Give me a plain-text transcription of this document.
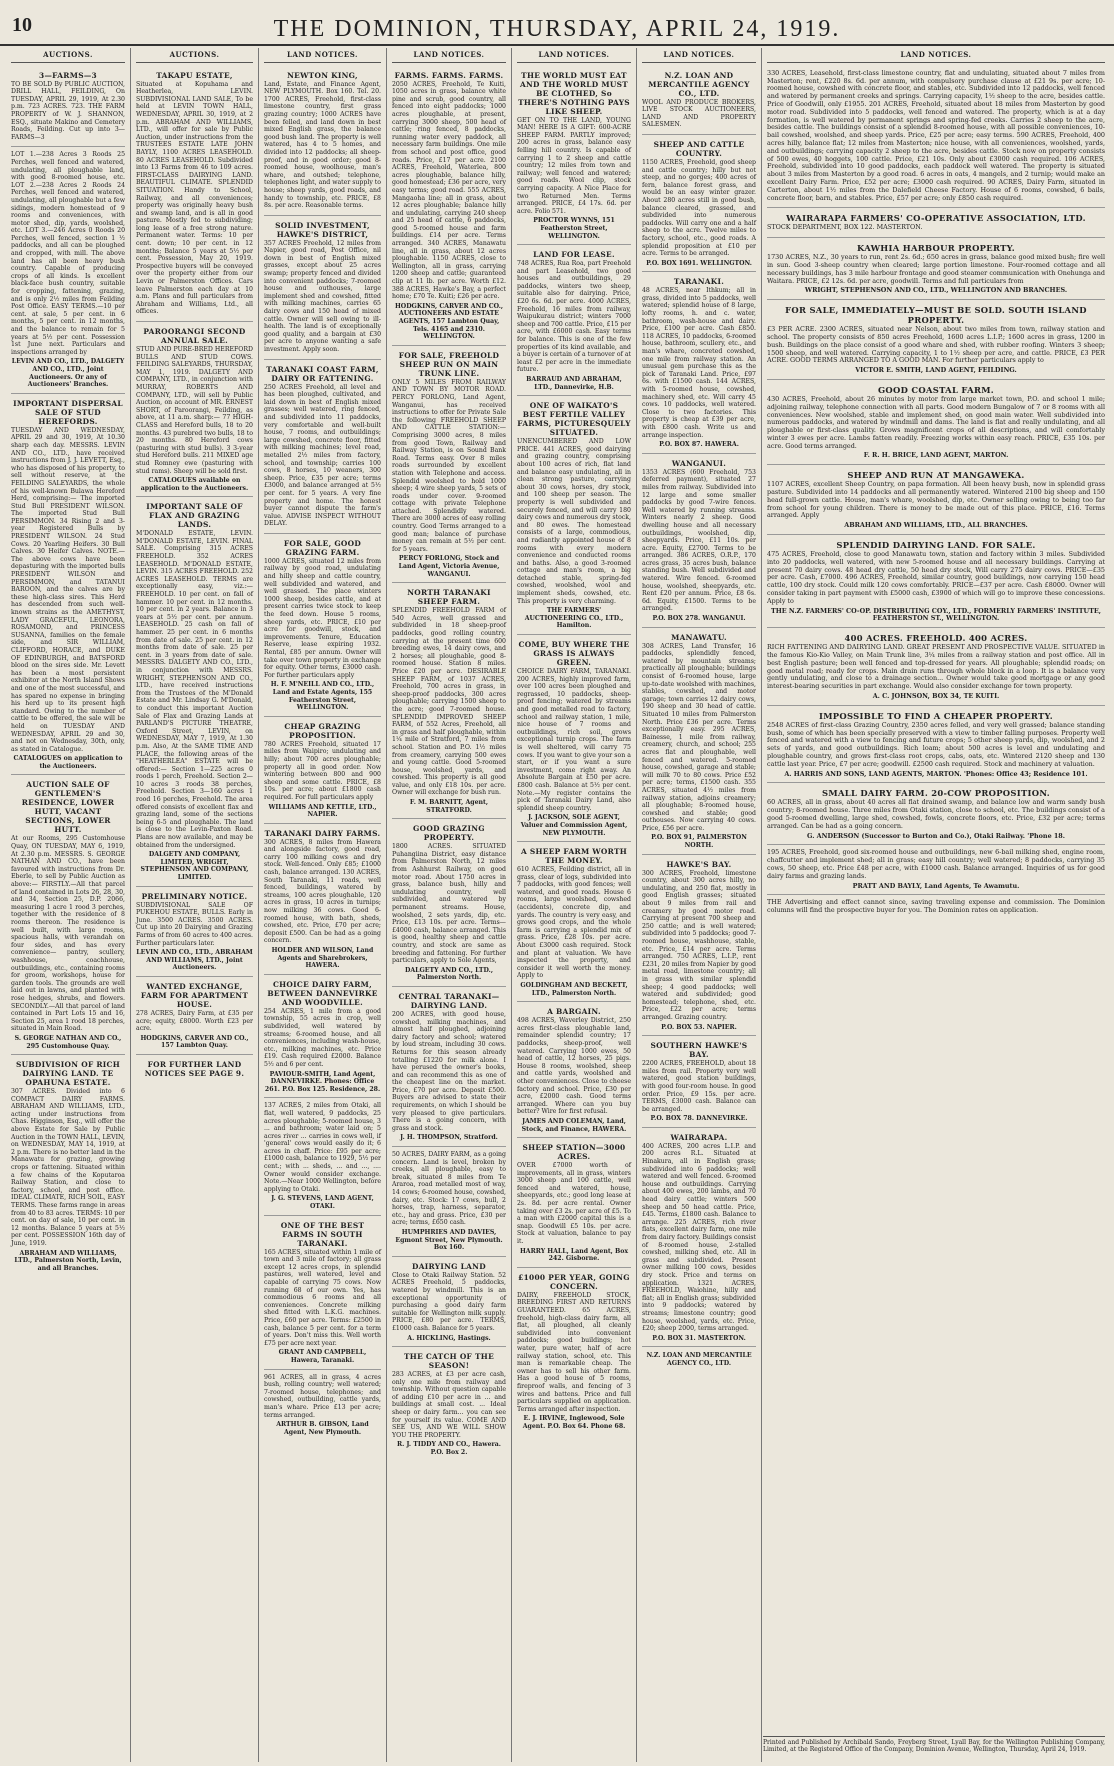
10	THE DOMINION, THURSDAY, APRIL 24, 1919.
AUCTIONS.
3—FARMS—3

TO BE SOLD By PUBLIC AUCTION, DRILL HALL, FEILDING, On TUESDAY, APRIL 29, 1919, At 2.30 p.m. 723 ACRES. 723. THE FARM PROPERTY of W. J. SHANNON, ESQ., situate Makino and Cemetery Roads, Feilding. Cut up into 3—FARMS—3

LOT 1.—238 Acres 3 Roods 25 Perches, well fenced and watered, undulating, all ploughable land, with good 8-roomed house, etc. LOT 2.—238 Acres 2 Roods 24 Perches, well fenced and watered, undulating, all ploughable but a few sidings, modern homestead of 9 rooms and conveniences, with motor shed, dip, yards, woolshed, etc. LOT 3.—246 Acres 0 Roods 20 Perches, well fenced, section 1 ½ paddocks, and all can be ploughed and cropped, with mill. The above land has all been heavy bush country. Capable of producing crops of all kinds. Is excellent black-face bush country, suitable for cropping, fattening, grazing, and is only 2½ miles from Feilding Post Office. EASY TERMS.—10 per cent. at sale, 5 per cent. in 6 months, 5 per cent. in 12 months, and the balance to remain for 5 years at 5½ per cent. Possession 1st June next. Particulars and inspections arranged by

LEVIN AND CO., LTD., DALGETY AND CO., LTD., Joint Auctioneers. Or any of Auctioneers' Branches.
IMPORTANT DISPERSAL SALE OF STUD HEREFORDS.

TUESDAY AND WEDNESDAY, APRIL 29 and 30, 1919, At 10.30 sharp each day. MESSRS. LEVIN AND CO., LTD., have received instructions from J. J. LEVETT, Esq., who has disposed of his property, to sell without reserve, at the FEILDING SALEYARDS, the whole of his well-known Bulawa Hereford Herd, comprising:— The imported Stud Bull PRESIDENT WILSON. The imported Stud Bull PERSIMMON. 34 Rising 2 and 3-year Registered Bulls by PRESIDENT WILSON. 24 Stud Cows. 20 Yearling Heifers. 30 Bull Calves. 30 Heifer Calves. NOTE.—The above cows have been depasturing with the imported bulls PRESIDENT WILSON and PERSIMMON, and TATANUI BAROON, and the calves are by these high-class sires. This Herd has descended from such well-known strains as the AMETHYST, LADY GRACEFUL, LEONORA, ROSAMOND, and PRINCESS SUSANNA, families on the female side, and SIR WILLIAM, CLIFFORD, HORACE, and DUKE OF EDINBURGH, and BATSFORD blood on the sires side. Mr. Levett has been a most persistent exhibitor at the North Island Shows and one of the most successful, and has spared no expense in bringing his herd up to its present high standard. Owing to the number of cattle to be offered, the sale will be held on TUESDAY AND WEDNESDAY, APRIL 29 and 30, and not on Wednesday, 30th, only, as stated in Catalogue.

CATALOGUES on application to the Auctioneers.
AUCTION SALE OF GENTLEMEN'S RESIDENCE, LOWER HUTT, VACANT SECTIONS, LOWER HUTT.

At our Rooms, 295 Customhouse Quay, ON TUESDAY, MAY 6, 1919, At 2.30 p.m. MESSRS. S. GEORGE NATHAN AND CO., have been favoured with instructions from Dr. Eberle, to sell by Public Auction as above:— FIRSTLY.—All that parcel of land contained in Lots 26, 28, 30, and 34, Section 25, D.P. 2066, measuring 1 acre 1 rood 3 perches, together with the residence of 8 rooms thereon. The residence is well built, with large rooms, spacious halls, with verandah on four sides, and has every convenience— pantry, scullery, washhouse, coachhouse, outbuildings, etc., containing rooms for groom, workshops, house for garden tools. The grounds are well laid out in lawns, and planted with rose hedges, shrubs, and flowers. SECONDLY.—All that parcel of land contained in Part Lots 15 and 16, Section 25, area 1 rood 18 perches, situated in Main Road.

S. GEORGE NATHAN AND CO., 295 Customhouse Quay.
SUBDIVISION OF RICH DAIRYING LAND. TE OPAHUNA ESTATE.

307 ACRES. Divided into 6 COMPACT DAIRY FARMS. ABRAHAM AND WILLIAMS, LTD., acting under instructions from Chas. Higginson, Esq., will offer the above Estate for Sale by Public Auction in the TOWN HALL, LEVIN, on WEDNESDAY, MAY 14, 1919, at 2 p.m. There is no better land in the Manawatu for grazing, growing crops or fattening. Situated within a few chains of the Koputaroa Railway Station, and close to factory, school, and post office. IDEAL CLIMATE, RICH SOIL, EASY TERMS. These farms range in areas from 40 to 83 acres. TERMS: 10 per cent. on day of sale, 10 per cent. in 12 months. Balance 5 years at 5½ per cent. POSSESSION 16th day of June, 1919.

ABRAHAM AND WILLIAMS, LTD., Palmerston North, Levin, and all Branches.
AUCTIONS.
TAKAPU ESTATE,

Situated at Kopuhama and Heatherlea, LEVIN. SUBDIVISIONAL LAND SALE, To be held at LEVIN TOWN HALL, WEDNESDAY, APRIL 30, 1919, at 2 p.m. ABRAHAM AND WILLIAMS, LTD., will offer for sale by Public Auction, under instructions from the TRUSTEES ESTATE LATE JOHN BAYLY, 1100 ACRES LEASEHOLD. 80 ACRES LEASEHOLD. Subdivided into 13 Farms from 46 to 109 acres. FIRST-CLASS DAIRYING LAND. BEAUTIFUL CLIMATE. SPLENDID SITUATION. Handy to School, Railway, and all conveniences; property was originally heavy bush and swamp land, and is all in good pasture. Mostly fed to subdividing; long lease of a free strong nature. Permanent water. Terms: 10 per cent. down; 10 per cent. in 12 months; Balance 5 years at 5½ per cent. Possession, May 20, 1919. Prospective buyers will be conveyed over the property either from our Levin or Palmerston Offices. Cars leave Palmerston each day at 10 a.m. Plans and full particulars from Abraham and Williams, Ltd., all offices.

PAROORANGI SECOND ANNUAL SALE.

STUD AND PURE-BRED HEREFORD BULLS AND STUD COWS. FEILDING SALEYARDS, THURSDAY, MAY 1, 1919. DALGETY AND COMPANY, LTD., in conjunction with MURRAY, ROBERTS AND COMPANY, LTD., will sell by Public Auction, on account of MR. ERNEST SHORT, of Paroorangi, Feilding, as above, at 11 a.m. sharp:— 77 HIGH-CLASS and Hereford bulls, 18 to 20 months. 43 purebred two bulls, 18 to 20 months. 80 Hereford cows (pasturing with stud bulls). 3 3-year stud Hereford bulls. 211 MIXED age stud Romney ewe (pasturing with stud rams). Sheep will be sold first.

CATALOGUES available on application to the Auctioneers.
IMPORTANT SALE OF FLAX AND GRAZING LANDS.

M'DONALD ESTATE, LEVIN. M'DONALD ESTATE, LEVIN. FINAL SALE. Comprising 315 ACRES FREEHOLD. 352 ACRES LEASEHOLD. M'DONALD ESTATE, LEVIN. 315 ACRES FREEHOLD. 252 ACRES LEASEHOLD. TERMS are exceptionally easy, viz.:— FREEHOLD. 10 per cent. on fall of hammer. 10 per cent. in 12 months. 10 per cent. in 2 years. Balance in 3 years at 5½ per cent. per annum. LEASEHOLD. 25 cash on fall of hammer. 25 per cent. in 6 months from date of sale. 25 per cent. in 12 months from date of sale. 25 per cent. in 3 years from date of sale. MESSRS. DALGETY AND CO., LTD., in conjunction with MESSRS. WRIGHT, STEPHENSON AND CO., LTD., have received instructions from the Trustees of the M'Donald Estate and Mr. Lindsay G. M'Donald, to conduct this important Auction Sale of Flax and Grazing Lands at PARLAND'S PICTURE THEATRE, Oxford Street, LEVIN, on WEDNESDAY, MAY 7, 1919, At 1.30 p.m. Also, At the SAME TIME AND PLACE, the following areas of the "HEATHERLEA" ESTATE will be offered:— Section 1—225 acres 0 roods 1 perch, Freehold. Section 2—10 acres 3 roods 38 perches, Freehold. Section 3—160 acres 1 rood 16 perches, Freehold. The area offered consists of excellent flax and grazing land, some of the sections being 6-5 and ploughable. The land is close to the Levin-Paxton Road. Plans are now available, and may be obtained from the undersigned.

DALGETY AND COMPANY, LIMITED, WRIGHT, STEPHENSON AND COMPANY, LIMITED.
PRELIMINARY NOTICE.

SUBDIVISIONAL SALE OF PUKEHOU ESTATE, BULLS. Early in June. 3500 ACRES. 3500 ACRES. Cut up into 20 Dairying and Grazing Farms of from 60 acres to 400 acres. Further particulars later.

LEVIN AND CO., LTD., ABRAHAM AND WILLIAMS, LTD., Joint Auctioneers.
WANTED EXCHANGE, FARM FOR APARTMENT HOUSE.

278 ACRES, Dairy Farm, at £35 per acre; equity, £8000. Worth £23 per acre.

HODGKINS, CARVER AND CO., 157 Lambton Quay.
FOR FURTHER LAND NOTICES SEE PAGE 9.
LAND NOTICES.
NEWTON KING,

Land, Estate, and Finance Agent, NEW PLYMOUTH. Box 160. Tel. 20. 1700 ACRES, Freehold, first-class limestone country, first grass grazing country; 1000 ACRES have been felled, and land down in best mixed English grass, the balance good bush land. The property is well watered, has 4 to 5 homes, and divided into 12 paddocks; all sheep-proof, and in good order; good 8-roomed house, woolhouse, man's whare, and outshed; telephone, telephones light, and water supply to house; sheep yards, good roads, and handy to township, etc. PRICE, £8 8s. per acre. Reasonable terms.

SOLID INVESTMENT, HAWKE'S DISTRICT,

357 ACRES Freehold, 12 miles from Napier, good road, Post Office, nil down in best of English mixed grasses, except about 25 acres swamp; property fenced and divided into convenient paddocks; 7-roomed house and outhouses, large implement shed and cowshed, fitted with milking machines, carries 65 dairy cows and 150 head of mixed cattle. Owner will sell owing to ill-health. The land is of exceptionally good quality, and a bargain at £30 per acre to anyone wanting a safe investment. Apply soon.

TARANAKI COAST FARM, DAIRY OR FATTENING.

250 ACRES Freehold, all level and has been ploughed, cultivated, and laid down in best of English mixed grasses; well watered, ring fenced, and subdivided into 11 paddocks, very comfortable and well-built house, 7 rooms, and outbuildings; large cowshed, concrete floor, fitted with milking machines; level road, metalled 2½ miles from factory, school, and township; carries 100 cows, 8 horses, 10 weaners, 300 sheep. Price, £35 per acre; terms £3000, and balance arranged at 5½ per cent. for 5 years. A very fine property and home. The honest buyer cannot dispute the farm's value. ADVISE INSPECT WITHOUT DELAY.

FOR SALE, GOOD GRAZING FARM.

1000 ACRES, situated 12 miles from railway by good road, undulating and hilly sheep and cattle country, well subdivided and watered, and well grassed. The place winters 1000 sheep, besides cattle, and at present carries twice stock to keep the feed down. House 5 rooms, sheep yards, etc. PRICE, £10 per acre for goodwill, stock, and improvements. Tenure, Education Reserve, lease expiring 1932. Rental, £85 per annum. Owner will take over town property in exchange for equity. Other terms, £3000 cash. For further particulars apply

H. F. M'NEILL AND CO., LTD., Land and Estate Agents, 155 Featherston Street, WELLINGTON.
CHEAP GRAZING PROPOSITION.

780 ACRES Freehold, situated 17 miles from Waipiro; undulating and hilly; about 700 acres ploughable; property all in good order. Now wintering between 800 and 900 sheep and some cattle. PRICE, £8 10s. per acre; about £1800 cash required. For full particulars apply

WILLIAMS AND KETTLE, LTD., NAPIER.
TARANAKI DAIRY FARMS.

300 ACRES, 8 miles from Hawera and alongside factory, good road, carry 100 milking cows and dry stock. Well-fenced. Only £85; £1000 cash, balance arranged. 130 ACRES, South Taranaki, 11 roads, well fenced, buildings, watered by streams, 100 acres ploughable, 120 acres in grass, 10 acres in turnips; now milking 36 cows. Good 6-roomed house, with bath, sheds, cowshed, etc. Price, £70 per acre; deposit £500. Can be had as a going concern.

HOLDER AND WILSON, Land Agents and Sharebrokers, HAWERA.
CHOICE DAIRY FARM, BETWEEN DANNEVIRKE AND WOODVILLE.

254 ACRES, 1 mile from a good township, 55 acres in crop, well subdivided, well watered by streams; 6-roomed house, and all conveniences, including wash-house, etc., milking machines, etc. Price £19. Cash required £2000. Balance 5½ and 6 per cent.

PAVIOUR-SMITH, Land Agent, DANNEVIRKE. Phones: Office 261. P.O. Box 125. Residence, 28.

137 ACRES, 2 miles from Otaki, all flat, well watered, 9 paddocks, 25 acres ploughable; 5-roomed house, 3 ... and bathroom; water laid on; 5 acres river ... carries in cows well, if 'general' cows would easily do it; 6 acres in chaff. Price: £95 per acre; £1000 cash, balance to 1929, 5½ per cent.; with ... sheds, ... and ..., .... Owner would consider exchange. Note.—Near 1000 Wellington, before applying to Otaki.

J. G. STEVENS, LAND AGENT, OTAKI.
ONE OF THE BEST FARMS IN SOUTH TARANAKI.

165 ACRES, situated within 1 mile of town and 3 mile of factory; all grass except 12 acres crops, in splendid pastures, well watered, level and capable of carrying 75 cows. Now running 68 of our own. Yes, has commodious 6 rooms and all conveniences. Concrete milking shed fitted with L.K.G. machines. Price, £60 per acre. Terms: £2500 in cash, balance 5 per cent. for a term of years. Don't miss this. Well worth £75 per acre next year.

GRANT AND CAMPBELL, Hawera, Taranaki.

961 ACRES, all in grass, 4 acres bush, rolling country; well watered; 7-roomed house, telephones; and cowshed, outbuilding, cattle yards, man's whare. Price £13 per acre; terms arranged.

ARTHUR B. GIBSON, Land Agent, New Plymouth.
LAND NOTICES.
FARMS. FARMS. FARMS.

2050 ACRES, Freehold, Te Kuiti, 1050 acres in grass, balance white pine and scrub, good country, all fenced into eight paddocks; 1000 acres ploughable, at present, carrying 3000 sheep, 500 head of cattle; ring fenced, 8 paddocks, running water every paddock, all necessary farm buildings. One mile from school and post office, good roads. Price, £17 per acre. 2100 ACRES, Freehold, Waterlea, 800 acres ploughable, balance hilly, good homestead; £36 per acre, very easy terms; good road. 555 ACRES, Mangaoha line; all in grass, about 12 acres ploughable; balance hilly and undulating, carrying 240 sheep and 25 head of cattle, 6 paddocks, good 5-roomed house and farm buildings. £14 per acre. Terms arranged. 340 ACRES, Manawatu line, all in grass, about 12 acres ploughable. 1150 ACRES, close to Wellington, all in grass, carrying 1200 sheep and cattle; guaranteed clip at 11 lb. per acre. Worth £12. 388 ACRES, Hawke's Bay, a perfect home; £70 Te. Kuiti; £26 per acre.

HODGKINS, CARVER AND CO., AUCTIONEERS AND ESTATE AGENTS, 157 Lambton Quay, Tels. 4165 and 2310. WELLINGTON.
FOR SALE, FREEHOLD SHEEP RUN ON MAIN TRUNK LINE.

ONLY 5 MILES FROM RAILWAY AND TOWN BY MOTOR ROAD. PERCY FORLONG, Land Agent, Wanganui, has received instructions to offer for Private Sale the following FREEHOLD SHEEP AND CATTLE STATION:— Comprising 3000 acres, 8 miles from good Town, Railway and Railway Station, is on Sound Bank Road. Terms easy. Over 8 miles roads surrounded by excellent station with Telephone and access. Splendid woolshed to hold 1000 sheep; 4 wire sheep yards, 5 sets of roads under cover. 9-roomed cottage with private Telephone attached. Splendidly watered. There are 3000 acres of easy rolling country. Good Terms arranged to a good man; balance of purchase money can remain at 5½ per cent. for 5 years.

PERCY FORLONG, Stock and Land Agent, Victoria Avenue, WANGANUI.
NORTH TARANAKI SHEEP FARM.

SPLENDID FREEHOLD FARM of 540 Acres, well grassed and subdivided in 18 sheep-proof paddocks, good rolling country, carrying at the present time 600 breeding ewes, 14 dairy cows, and 2 horses; all ploughable, good 8-roomed house. Station 8 miles. Price £20 per acre. DESIRABLE SHEEP FARM, of 1037 ACRES, Freehold, 700 acres in grass, in sheep-proof paddocks, 300 acres ploughable; carrying 1500 sheep to the acre; good 7-roomed house. SPLENDID IMPROVED SHEEP FARM, of 552 Acres, Freehold, all in grass and half ploughable, within 1¼ mile of Stratford, 7 miles from school. Station and P.O. 1½ miles from creamery, carrying 500 ewes and young cattle. Good 5-roomed house, woolshed, yards, and cowshed. This property is all good value, and only £18 10s. per acre. Owner will exchange for bush run.

F. M. BARNITT, Agent, STRATFORD.
GOOD GRAZING PROPERTY.

1800 ACRES. SITUATED Puhangiina District, easy distance from Palmerston North, 12 miles from Ashhurst Railway, on good motor road. About 1750 acres in grass, balance bush, hilly and undulating country, well subdivided, and watered by permanent streams. House, woolshed, 2 sets yards, dip, etc. Price, £13 10s. per acre. Terms—£4000 cash, balance arranged. This is good, healthy sheep and cattle country, and stock are same as breeding and fattening. For further particulars, apply to Sole Agents,

DALGETY AND CO., LTD., Palmerston North.
CENTRAL TARANAKI—DAIRYING LAND.

200 ACRES, with good house, cowshed, milking machines, and almost half ploughed, adjoining dairy factory and school; watered by loud stream, including 30 cows. Returns for this season already totalling £1220 for milk alone. I have perused the owner's books, and can recommend this as one of the cheapest line on the market. Price, £70 per acre. Deposit £500. Buyers are advised to state their requirements, on which I should be very pleased to give particulars. There is a going concern, with grass and stock.

J. H. THOMPSON, Stratford.

50 ACRES, DAIRY FARM, as a going concern. Land is level, broken by creeks, all ploughable, easy to break, situated 8 miles from Te Araroa, road metalled most of way, 14 cows; 6-roomed house, cowshed, dairy, etc. Stock: 17 cows, bull, 2 horses, trap, harness, separator, etc., hay and grass. Price, £30 per acre; terms, £650 cash.

HUMPHRIES AND DAVIES, Egmont Street, New Plymouth. Box 160.
DAIRYING LAND

Close to Otaki Railway Station. 52 ACRES Freehold, 5 paddocks, watered by windmill. This is an exceptional opportunity of purchasing a good dairy farm suitable for Wellington milk supply. PRICE, £80 per acre. TERMS, £1000 cash. Balance for 5 years.

A. HICKLING, Hastings.
THE CATCH OF THE SEASON!

283 ACRES, at £3 per acre cash, only one mile from railway and township. Without question capable of adding £10 per acre in ... and buildings at small cost. ... Ideal sheep or dairy farm... you can see for yourself its value. COME AND SEE US, AND WE WILL SHOW YOU THE PROPERTY.

R. J. TIDDY AND CO., Hawera. P.O. Box 2.
LAND NOTICES.
THE WORLD MUST EAT AND THE WORLD MUST BE CLOTHED, So THERE'S NOTHING PAYS LIKE SHEEP.

GET ON TO THE LAND, YOUNG MAN! HERE IS A GIFT: 600-ACRE SHEEP FARM. PARTLY improved; 200 acres in grass, balance easy felling hill country. Is capable of carrying 1 to 2 sheep and cattle country; 12 miles from town and railway; well fenced and watered; good roads. Wool clip, stock carrying capacity. A Nice Place for two Returned Men. Terms arranged. PRICE, £4 17s. 6d. per acre. Folio 571.

PROCTOR WYNNS, 151 Featherston Street, WELLINGTON.
LAND FOR LEASE.

748 ACRES, Rua Roa, part Freehold and part Leasehold, two good houses and outbuildings, 29 paddocks, winters two sheep, suitable also for dairying. Price, £20 6s. 6d. per acre. 4000 ACRES, Freehold, 16 miles from railway, Waipukurau district; winters 7000 sheep and 700 cattle. Price, £15 per acre, with £6000 cash. Easy terms for balance. This is one of the few properties of its kind available, and a buyer is certain of a turnover of at least £2 per acre in the immediate future.

BARRAUD AND ABRAHAM, LTD., Dannevirke, H.B.
ONE OF WAIKATO'S BEST FERTILE VALLEY FARMS, PICTURESQUELY SITUATED.

UNENCUMBERED AND LOW PRICE. 441 ACRES, good dairying and grazing country, comprising about 100 acres of rich, flat land and balance easy undulating, all in clean strong pasture, carrying about 30 cows, horses, dry stock, and 100 sheep per season. The property is well subdivided and securely fenced, and will carry 180 dairy cows and numerous dry stock, and 80 ewes. The homestead consists of a large, commodious, and radiantly appointed house of 8 rooms with every modern convenience and conducted rooms and baths. Also, a good 3-roomed cottage and man's room, a big detached stable, spring-fed cowshed, woolshed, wool and implement sheds, cowshed, etc. This property is very charming.

THE FARMERS' AUCTIONEERING CO., LTD., Hamilton.
COME, BUY WHERE THE GRASS IS ALWAYS GREEN.

CHOICE DAIRY FARM, TARANAKI. 200 ACRES, highly improved farm, over 100 acres been ploughed and regrassed, 10 paddocks, sheep-proof fencing; watered by streams and good metalled road to factory, school and railway station, 1 mile, nice house of 7 rooms and outbuildings, rich soil, grows exceptional turnip crops. The farm is well sheltered, will carry 75 cows. If you want to give your son a start, or if you want a sure investment, come right away. An Absolute Bargain at £50 per acre. £800 cash. Balance at 5½ per cent. Note.—My register contains the pick of Taranaki Dairy Land, also splendid sheep country.

J. JACKSON, SOLE AGENT, Valuer and Commission Agent, NEW PLYMOUTH.
A SHEEP FARM WORTH THE MONEY.

610 ACRES, Feilding district, all in grass, clear of logs, subdivided into 7 paddocks, with good fences; well watered, and good roads. House 6 rooms, large woolshed, cowshed (accidents), concrete dip, and yards. The country is very easy, and grows good crops, and the whole farm is carrying a splendid mix of grass. Price, £28 10s. per acre. About £3000 cash required. Stock and plant at valuation. We have inspected the property, and consider it well worth the money. Apply to

GOLDINGHAM AND BECKETT, LTD., Palmerston North.
A BARGAIN.

498 ACRES, Waverley District, 250 acres first-class ploughable land, remainder splendid country; 17 paddocks, sheep-proof, well watered. Carrying 1000 ewes, 50 head of cattle, 12 horses, 25 pigs. House 8 rooms, woolshed, sheep and cattle yards, woolshed and other conveniences. Close to cheese factory and school. Price, £30 per acre, £2000 cash. Good terms arranged. Where can you buy better? Wire for first refusal.

JAMES AND COLEMAN, Land, Stock, and Finance, HAWERA.
SHEEP STATION—3000 ACRES.

OVER £7000 worth of improvements, all in grass, winters 3000 sheep and 100 cattle, well fenced and watered, house, sheepyards, etc.; good long lease at 2s. 8d. per acre rental. Owner taking over £3 2s. per acre of £5. To a man with £2000 capital this is a snap. Goodwill £5 10s. per acre. Stock at valuation, balance to pay it.

HARRY HALL, Land Agent, Box 242. Gisborne.
£1000 PER YEAR, GOING CONCERN.

DAIRY, FREEHOLD STOCK, BREEDING FIRST AND RETURNS GUARANTEED. 65 ACRES, freehold, high-class dairy farm, all flat, all ploughed, all cleanly subdivided into convenient paddocks; good buildings; hot water, pure water, half of acre railway station, school, etc. This man is remarkable cheap. The owner has to sell his other farm. Has a good house of 5 rooms, fireproof walls, and fencing of 3 wires and battens. Price and full particulars supplied on application. Terms arranged after inspection.

E. J. IRVINE, Inglewood, Sole Agent. P.O. Box 64. Phone 68.
LAND NOTICES.
N.Z. LOAN AND MERCANTILE AGENCY CO., LTD.

WOOL AND PRODUCE BROKERS, LIVE STOCK AUCTIONEERS, LAND AND PROPERTY SALESMEN.

SHEEP AND CATTLE COUNTRY.

1150 ACRES, Freehold, good sheep and cattle country; hilly but not steep, and no gorges; 400 acres of fern, balance forest grass, and would be an easy winter grazer. About 280 acres still in good bush, balance cleared, grassed, and subdivided into numerous paddocks. Will carry one and a half sheep to the acre. Twelve miles to factory, school, etc., good roads. A splendid proposition at £10 per acre. Terms to be arranged.

P.O. BOX 1691. WELLINGTON.
TARANAKI.

48 ACRES, near Ithkum; all in grass, divided into 5 paddocks, well watered; splendid house of 8 large, lofty rooms, h. and c. water, bathroom, wash-house and dairy. Price, £100 per acre. Cash £850. 118 ACRES, 10 paddocks, 6-roomed house, bathroom, scullery, etc., and man's whare, concreted cowshed, one mile from railway station. An unusual gem purchase this as the pick of Taranaki Land. Price, £97 6s. with £1500 cash. 144 ACRES, with 5-roomed house, cowshed, machinery shed, etc. Will carry 45 cows. 10 paddocks, well watered. Close to two factories. This property is cheap at £39 per acre, with £800 cash. Write us and arrange inspection.

P.O. BOX 87. HAWERA.
WANGANUI.

1353 ACRES (600 Freehold, 753 deferred payment), situated 27 miles from railway. Subdivided into 12 large and some smaller paddocks by good 7-wire fences. Well watered by running streams. Winters nearly 2 sheep. Good dwelling house and all necessary outbuildings, woolshed, dip, sheepyards. Price, £11 10s. per acre. Equity, £2700. Terms to be arranged. 386 ACRES, O.R.P., 170 acres grass, 35 acres bush, balance standing bush. Well subdivided and watered. Wire fenced. 6-roomed house, woolshed, sheepyards, etc. Rent £20 per annum. Price, £8 6s. 6d. Equity, £1500. Terms to be arranged.

P.O. BOX 278. WANGANUI.
MANAWATU.

308 ACRES, Land Transfer, 16 paddocks, splendidly fenced, watered by mountain streams; practically all ploughable; buildings consist of 6-roomed house, large up-to-date woolshed with machines, stables, cowshed, and motor garage; town carries 12 dairy cows, 190 sheep and 30 head of cattle. Situated 10 miles from Palmerston North. Price £36 per acre. Terms exceptionally easy. 295 ACRES, Bainesse, 1 mile from railway, creamery, church, and school; 255 acres flat and ploughable, well fenced and watered. 5-roomed house, cowshed, garage and stable; will milk 70 to 80 cows. Price £52 per acre; terms, £1500 cash. 355 ACRES, situated 4½ miles from railway station, adjoins creamery; all ploughable; 8-roomed house, cowshed and stable; good outhouses. Now carrying 40 cows. Price, £56 per acre.

P.O. BOX 91, PALMERSTON NORTH.
HAWKE'S BAY.

300 ACRES, Freehold, limestone country, about 300 acres hilly, no undulating, and 250 flat, mostly in good English grasses; situated about 9 miles from rail and creamery by good motor road. Carrying at present 700 sheep and 250 cattle; and is well watered; subdivided into 5 paddocks; good 7-roomed house, washhouse, stable, etc. Price, £14 per acre. Terms arranged. 750 ACRES, L.I.P., rent £231, 20 miles from Napier by good metal road, limestone country; all in grass with similar splendid sheep; 4 good paddocks; well watered and subdivided; good homestead; telephone, shed, etc. Price, £22 per acre; terms arranged. Grazing country.

P.O. BOX 53. NAPIER.
SOUTHERN HAWKE'S BAY.

2200 ACRES, FREEHOLD, about 18 miles from rail. Property very well watered, good station buildings, with good four-room house. In good order. Price, £9 15s. per acre. TERMS, £3000 cash. Balance can be arranged.

P.O. BOX 78. DANNEVIRKE.
WAIRARAPA.

400 ACRES, 200 acres L.I.P. and 200 acres R.L. Situated at Hinakura, all in English grass; subdivided into 6 paddocks; well watered and well fenced. 6-roomed house and outbuildings. Carrying about 400 ewes, 200 lambs, and 70 head dairy cattle; winters 500 sheep and 50 head cattle. Price, £45. Terms, £1800 cash. Balance to arrange. 225 ACRES, rich river flats, excellent dairy farm, one mile from dairy factory. Buildings consist of 8-roomed house, 2-stalled cowshed, milking shed, etc. All in grass and subdivided. Present owner milking 100 cows, besides dry stock. Price and terms on application. 1321 ACRES, FREEHOLD, Waiohine, hilly and flat; all in English grass; subdivided into 9 paddocks; watered by streams; limestone country; good house, woolshed, yards, etc. Price, £20; sheep 2000, terms arranged.

P.O. BOX 31. MASTERTON.
N.Z. LOAN AND MERCANTILE AGENCY CO., LTD.
LAND NOTICES.

330 ACRES, Leasehold, first-class limestone country, flat and undulating, situated about 7 miles from Masterton; rent, £220 8s. 6d. per annum, with compulsory purchase clause at £21 9s. per acre; 10-roomed house, cowshed with concrete floor, and stables, etc. Subdivided into 12 paddocks, well fenced and watered by permanent creeks and springs. Carrying capacity, 1½ sheep to the acre, besides cattle. Price of Goodwill, only £1955. 201 ACRES, Freehold, situated about 18 miles from Masterton by good motor road. Subdivided into 5 paddocks, well fenced and watered. The property, which is at a day formation, is well watered by permanent springs and spring-fed creeks. Carries 2 sheep to the acre, besides cattle. The buildings consist of a splendid 8-roomed house, with all possible conveniences, 10-bail cowshed, woolshed, and sheep yards. Price, £25 per acre; easy terms. 590 ACRES, Freehold, 400 acres hilly, balance flat; 12 miles from Masterton; nice house, with all conveniences, woolshed, yards, and outbuildings; carrying capacity 2 sheep to the acre, besides cattle. Stock now on property consists of 500 ewes, 40 hoggets, 100 cattle. Price, £21 10s. Only about £3000 cash required. 106 ACRES, Freehold, subdivided into 10 good paddocks, each paddock well watered. The property is situated about 3 miles from Masterton by a good road. 6 acres in oats, 4 mangels, and 2 turnip; would make an excellent Dairy Farm. Price, £52 per acre; £3000 cash required. 90 ACRES, Dairy Farm, situated in Carterton, about 1½ miles from the Dalefield Cheese Factory. House of 6 rooms, cowshed, 6 bails, concrete floor, barn, and stables. Price, £57 per acre; only £850 cash required.

WAIRARAPA FARMERS' CO-OPERATIVE ASSOCIATION, LTD.

STOCK DEPARTMENT, BOX 122. MASTERTON.

KAWHIA HARBOUR PROPERTY.

1730 ACRES, N.Z., 30 years to run, rent 2s. 6d.; 650 acres in grass, balance good mixed bush; fire well in sun. Good 3-sheep country when cleared; large portion limestone. Four-roomed cottage and all necessary buildings, has 3 mile harbour frontage and good steamer communication with Onehunga and Waitara. PRICE, £2 12s. 6d. per acre, goodwill. Terms and full particulars from

WRIGHT, STEPHENSON AND CO., LTD., WELLINGTON AND BRANCHES.
FOR SALE, IMMEDIATELY—MUST BE SOLD. SOUTH ISLAND PROPERTY.

£3 PER ACRE. 2300 ACRES, situated near Nelson, about two miles from town, railway station and school. The property consists of 850 acres Freehold, 1600 acres L.I.P.; 1600 acres in grass, 1200 in bush. Buildings on the place consist of a good whare and shed, with rubber roofing. Winters 3 sheep; 1500 sheep, and well watered. Carrying capacity, 1 to 1½ sheep per acre, and cattle. PRICE, £3 PER ACRE. GOOD TERMS ARRANGED TO A GOOD MAN. For further particulars apply to

VICTOR E. SMITH, LAND AGENT, FEILDING.
GOOD COASTAL FARM.

430 ACRES, Freehold, about 26 minutes by motor from large market town, P.O. and school 1 mile; adjoining railway, telephone connection with all parts. Good modern Bungalow of 7 or 8 rooms with all conveniences. New woolshed, stable and implement shed, on good main water. Well subdivided into numerous paddocks, and watered by windmill and dams. The land is flat and really undulating, and all ploughable or first-class quality. Grows magnificent crops of all descriptions, and will comfortably winter 3 ewes per acre. Lambs fatten readily. Freezing works within easy reach. PRICE, £35 10s. per acre. Good terms arranged.

F. R. H. BRICE, LAND AGENT, MARTON.
SHEEP AND RUN AT MANGAWEKA.

1107 ACRES, excellent Sheep Country, on papa formation. All been heavy bush, now in splendid grass pasture. Subdivided into 14 paddocks and all permanently watered. Wintered 2100 big sheep and 150 head full-grown cattle. House, man's whare, woolshed, dip, etc. Owner selling owing to being too far from school for young children. There is money to be made out of this place. PRICE, £16. Terms arranged. Apply

ABRAHAM AND WILLIAMS, LTD., ALL BRANCHES.
SPLENDID DAIRYING LAND. FOR SALE.

475 ACRES, Freehold, close to good Manawatu town, station and factory within 3 miles. Subdivided into 20 paddocks, well watered, with new 5-roomed house and all necessary buildings. Carrying at present 70 dairy cows. 48 head dry cattle, 50 head dry stock, Will carry 275 dairy cows. PRICE—£35 per acre. Cash, £7000. 496 ACRES, Freehold, similar country, good buildings, now carrying 150 head cattle, 100 dry stock. Could milk 120 cows comfortably. PRICE—£37 per acre. Cash £8000. Owner will consider taking in part payment with £5000 cash, £3900 of which will go to improve these concessions. Apply to

THE N.Z. FARMERS' CO-OP. DISTRIBUTING COY., LTD., FORMERLY FARMERS' INSTITUTE, FEATHERSTON ST., WELLINGTON.
400 ACRES. FREEHOLD. 400 ACRES.

RICH FATTENING AND DAIRYING LAND. GREAT PRESENT AND PROSPECTIVE VALUE. SITUATED in the famous Kio-Kio Valley, on Main Trunk line, 3¼ miles from a railway station and post office. All in best English pasture; been well fenced and top-dressed for years. All ploughable; splendid roads; on good metal road; ready for crops. Main drain runs through whole block in a loop. It is a balance very gently undulating, and close to a drainage section... Owner would take good mortgage or any good interest-bearing securities in part exchange. Would also consider exchange for town property.

A. C. JOHNSON, BOX 34, TE KUITI.
IMPOSSIBLE TO FIND A CHEAPER PROPERTY.

2548 ACRES of first-class Grazing Country, 2350 acres felled, and very well grassed; balance standing bush, some of which has been specially preserved with a view to timber falling purposes. Property well fenced and watered with a view to fencing and future crops; 5 other sheep yards, dip, woolshed, and 2 sets of yards, and good outbuildings. Rich loam; about 500 acres is level and undulating and ploughable country, and grows first-class root crops, cabs, oats, etc. Wintered 2120 sheep and 130 cattle last year. Price, £7 per acre; goodwill. £2500 cash required. Stock and machinery at valuation.

A. HARRIS AND SONS, LAND AGENTS, MARTON. 'Phones: Office 43; Residence 101.
SMALL DAIRY FARM. 20-COW PROPOSITION.

60 ACRES, all in grass, about 40 acres all flat drained swamp, and balance low and warm sandy bush country; 8-roomed house. Three miles from Otaki station, close to school, etc. The buildings consist of a good 5-roomed dwelling, large shed, cowshed, fowls, concrete floors, etc. Price, £32 per acre; terms arranged. Can be had as a going concern.

G. ANDERSON (Successor to Burton and Co.), Otaki Railway. 'Phone 18.

195 ACRES, Freehold, good six-roomed house and outbuildings, new 6-bail milking shed, engine room, chaffcutter and implement shed; all in grass; easy hill country; well watered; 8 paddocks, carrying 35 cows, 50 sheep, etc. Price £48 per acre, with £1000 cash. Balance arranged. Inquiries of us for good dairy farms and grazing lands.

PRATT AND BAYLY, Land Agents, Te Awamutu.

THE Advertising and effect cannot since, saving traveling expense and commission. The Dominion columns will find the prospective buyer for you. The Dominion rates on application.

Printed and Published by Archibald Sando, Freyberg Street, Lyall Bay, for the Wellington Publishing Company, Limited, at the Registered Office of the Company, Dominion Avenue, Wellington, Thursday, April 24, 1919.
